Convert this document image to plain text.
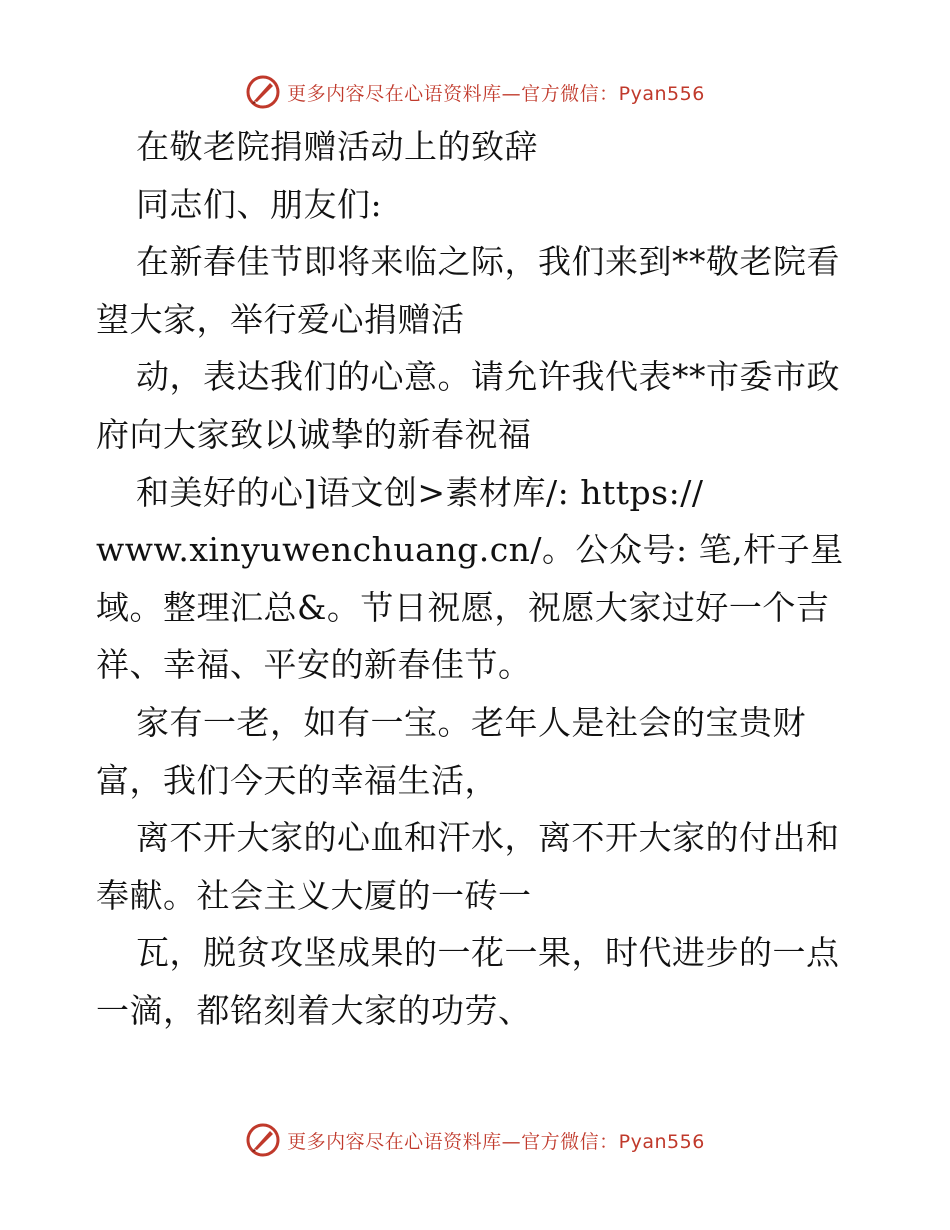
更多内容尽在心语资料库—官方微信：Pyan556
在敬老院捐赠活动上的致辞
同志们、朋友们:
在新春佳节即将来临之际，我们来到**敬老院看
望大家，举行爱心捐赠活
动，表达我们的心意。请允许我代表**市委市政
府向大家致以诚挚的新春祝福
和美好的心]语文创>素材库/: https://
www.xinyuwenchuang.cn/。公众号: 笔,杆子星
域。整理汇总&。节日祝愿，祝愿大家过好一个吉
祥、幸福、平安的新春佳节。
家有一老，如有一宝。老年人是社会的宝贵财
富，我们今天的幸福生活，
离不开大家的心血和汗水，离不开大家的付出和
奉献。社会主义大厦的一砖一
瓦，脱贫攻坚成果的一花一果，时代进步的一点
一滴，都铭刻着大家的功劳、
更多内容尽在心语资料库—官方微信：Pyan556
